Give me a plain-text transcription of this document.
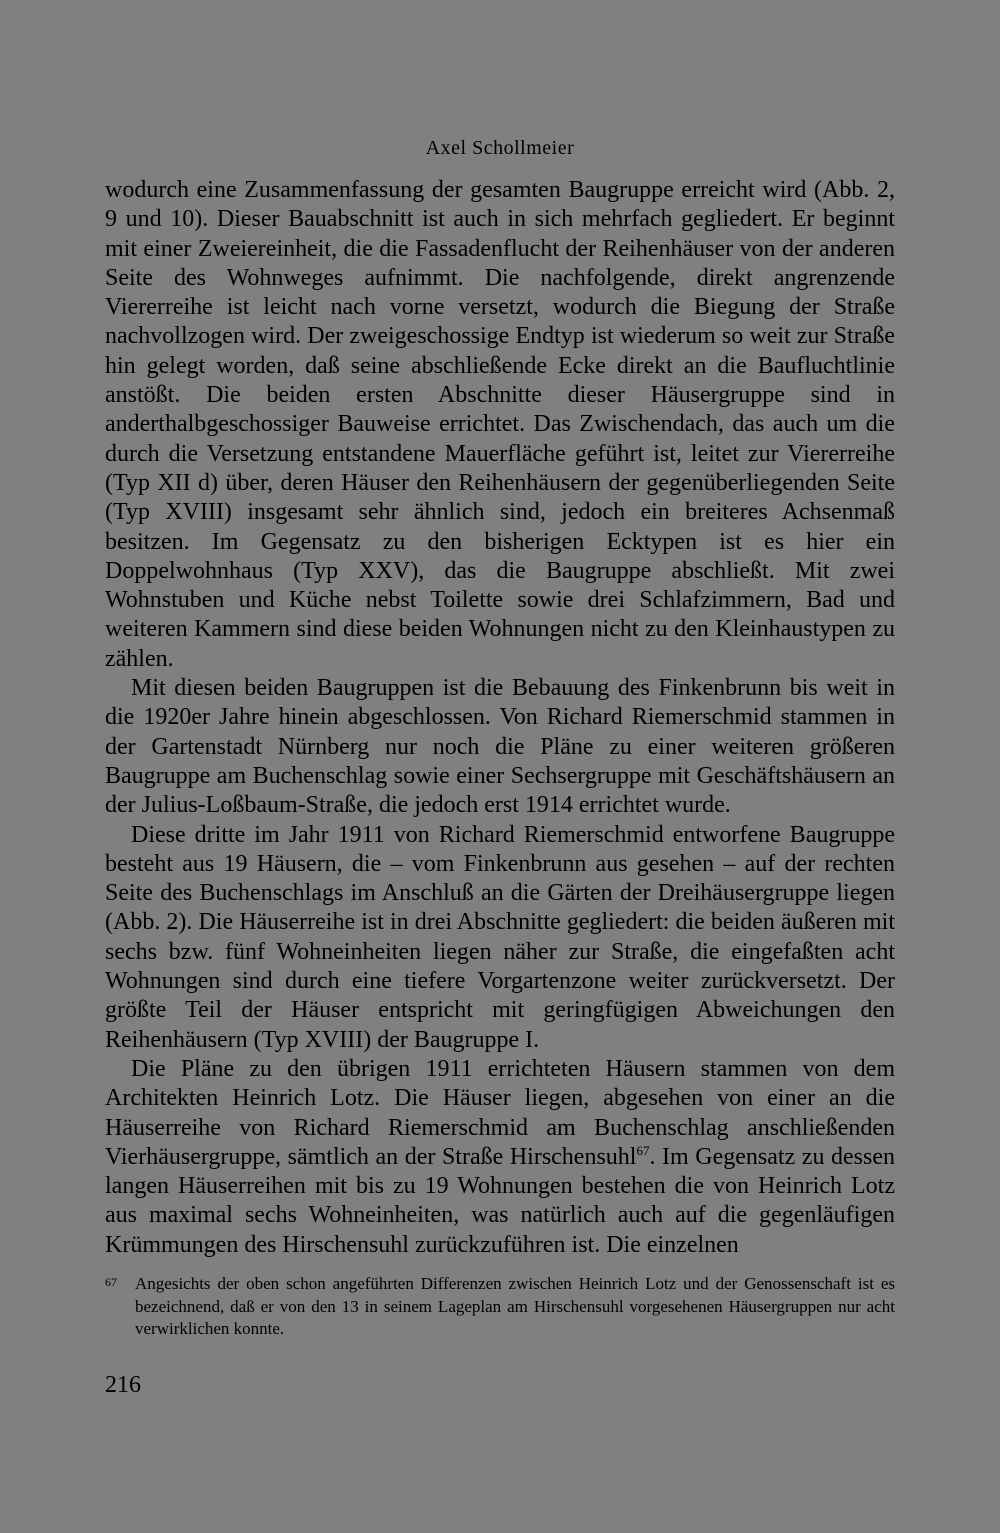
Axel Schollmeier

wodurch eine Zusammenfassung der gesamten Baugruppe erreicht wird (Abb. 2, 9 und 10). Dieser Bauabschnitt ist auch in sich mehrfach gegliedert. Er beginnt mit einer Zweiereinheit, die die Fassadenflucht der Reihenhäuser von der anderen Seite des Wohnweges aufnimmt. Die nachfolgende, direkt angrenzende Viererreihe ist leicht nach vorne versetzt, wodurch die Biegung der Straße nachvollzogen wird. Der zweigeschossige Endtyp ist wiederum so weit zur Straße hin gelegt worden, daß seine abschließende Ecke direkt an die Baufluchtlinie anstößt. Die beiden ersten Abschnitte dieser Häusergruppe sind in anderthalbgeschossiger Bauweise errichtet. Das Zwischendach, das auch um die durch die Versetzung entstandene Mauerfläche geführt ist, leitet zur Viererreihe (Typ XII d) über, deren Häuser den Reihenhäusern der gegenüberliegenden Seite (Typ XVIII) insgesamt sehr ähnlich sind, jedoch ein breiteres Achsenmaß besitzen. Im Gegensatz zu den bisherigen Ecktypen ist es hier ein Doppelwohnhaus (Typ XXV), das die Baugruppe abschließt. Mit zwei Wohnstuben und Küche nebst Toilette sowie drei Schlafzimmern, Bad und weiteren Kammern sind diese beiden Wohnungen nicht zu den Kleinhaustypen zu zählen.

Mit diesen beiden Baugruppen ist die Bebauung des Finkenbrunn bis weit in die 1920er Jahre hinein abgeschlossen. Von Richard Riemerschmid stammen in der Gartenstadt Nürnberg nur noch die Pläne zu einer weiteren größeren Baugruppe am Buchenschlag sowie einer Sechsergruppe mit Geschäftshäusern an der Julius-Loßbaum-Straße, die jedoch erst 1914 errichtet wurde.

Diese dritte im Jahr 1911 von Richard Riemerschmid entworfene Baugruppe besteht aus 19 Häusern, die – vom Finkenbrunn aus gesehen – auf der rechten Seite des Buchenschlags im Anschluß an die Gärten der Dreihäusergruppe liegen (Abb. 2). Die Häuserreihe ist in drei Abschnitte gegliedert: die beiden äußeren mit sechs bzw. fünf Wohneinheiten liegen näher zur Straße, die eingefaßten acht Wohnungen sind durch eine tiefere Vorgartenzone weiter zurückversetzt. Der größte Teil der Häuser entspricht mit geringfügigen Abweichungen den Reihenhäusern (Typ XVIII) der Baugruppe I.

Die Pläne zu den übrigen 1911 errichteten Häusern stammen von dem Architekten Heinrich Lotz. Die Häuser liegen, abgesehen von einer an die Häuserreihe von Richard Riemerschmid am Buchenschlag anschließenden Vierhäusergruppe, sämtlich an der Straße Hirschensuhl$^{67}$. Im Gegensatz zu dessen langen Häuserreihen mit bis zu 19 Wohnungen bestehen die von Heinrich Lotz aus maximal sechs Wohneinheiten, was natürlich auch auf die gegenläufigen Krümmungen des Hirschensuhl zurückzuführen ist. Die einzelnen

67 Angesichts der oben schon angeführten Differenzen zwischen Heinrich Lotz und der Genossenschaft ist es bezeichnend, daß er von den 13 in seinem Lageplan am Hirschensuhl vorgesehenen Häusergruppen nur acht verwirklichen konnte.
216
